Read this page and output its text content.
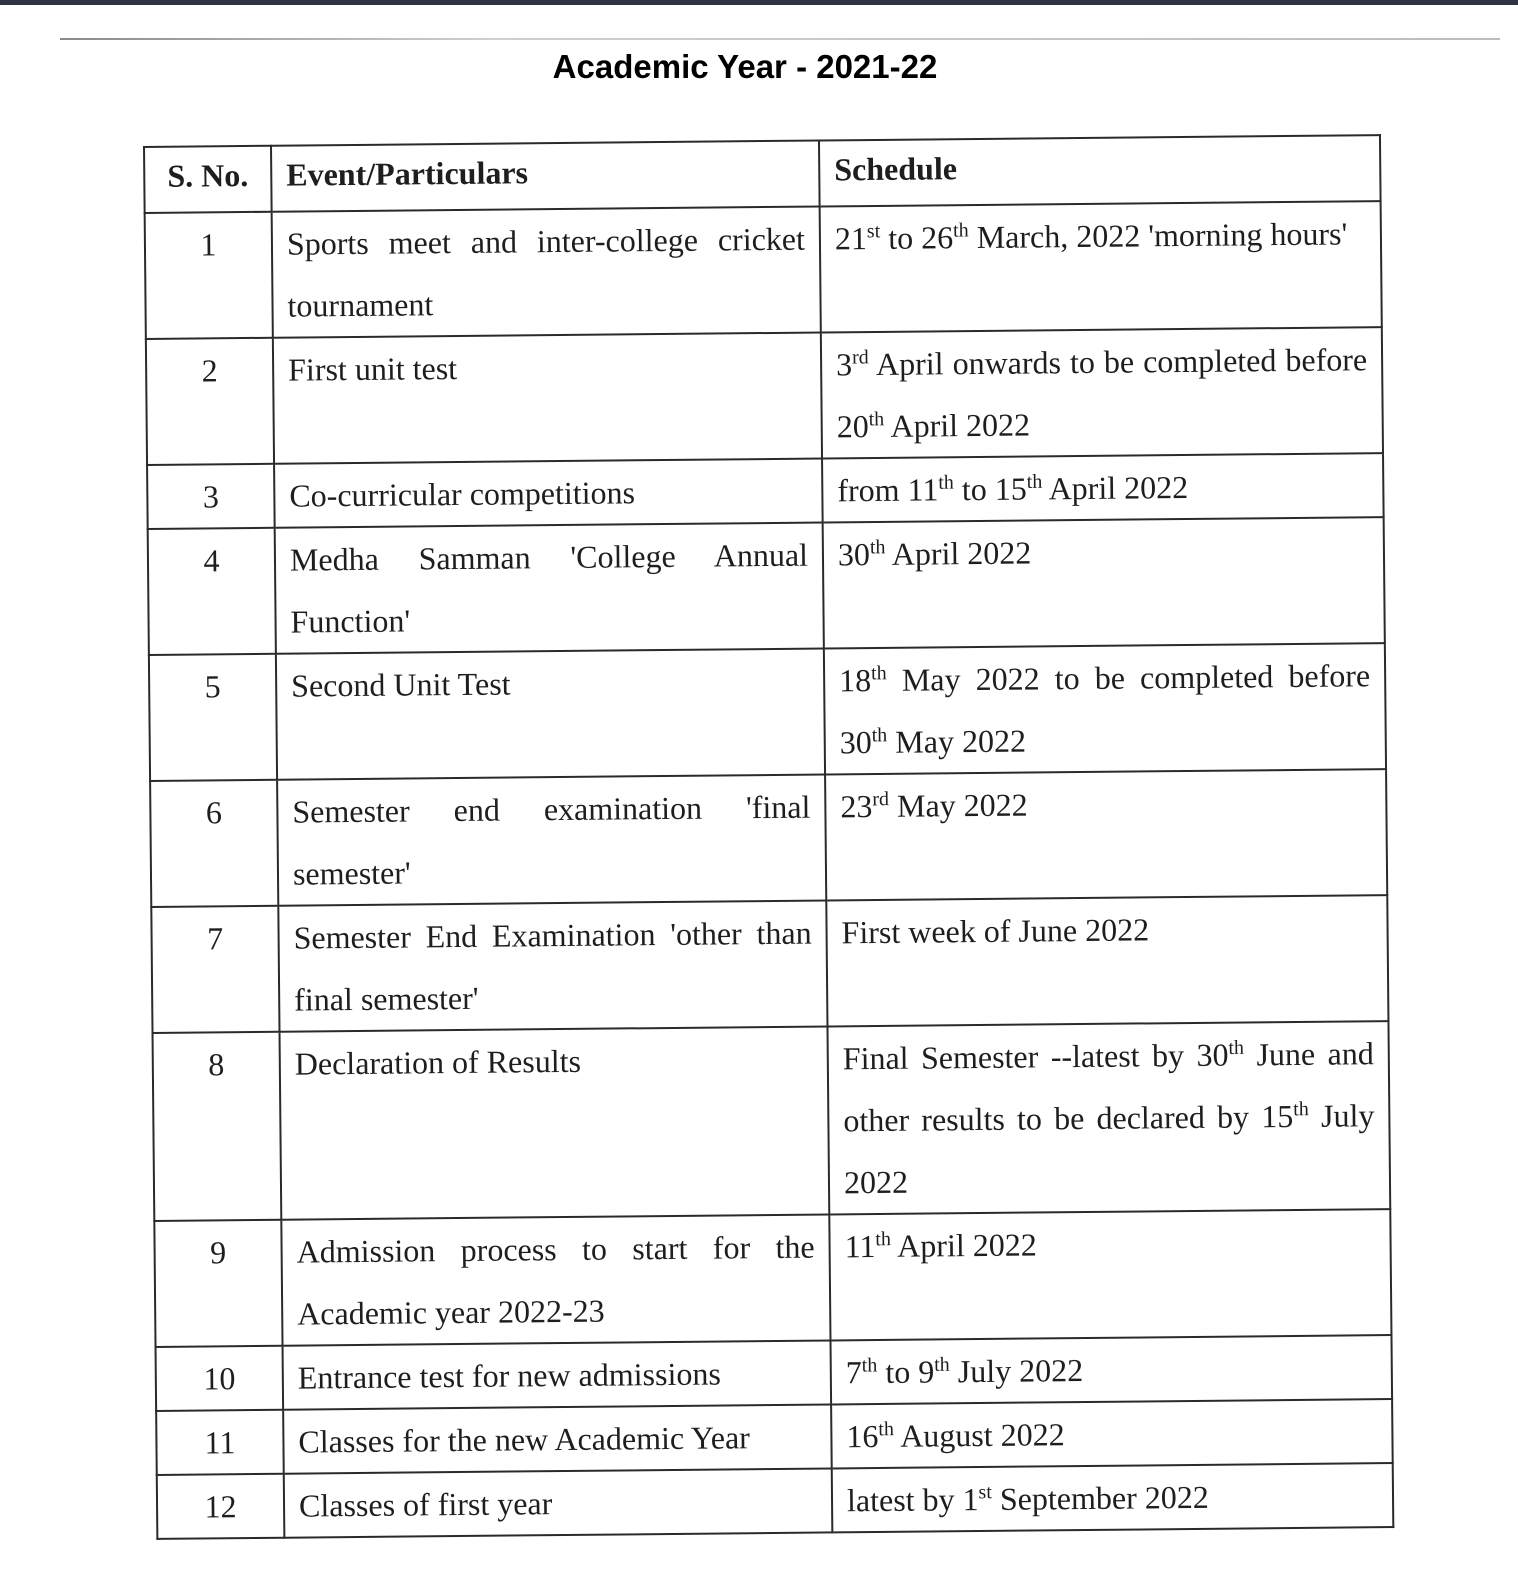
Academic Year - 2021-22
S. No.	Event/Particulars	Schedule
1	Sports meet and inter-college cricket tournament	21st to 26th March, 2022 'morning hours'
2	First unit test	3rd April onwards to be completed before 20th April 2022
3	Co-curricular competitions	from 11th to 15th April 2022
4	Medha Samman 'College Annual Function'	30th April 2022
5	Second Unit Test	18th May 2022 to be completed before 30th May 2022
6	Semester end examination 'final semester'	23rd May 2022
7	Semester End Examination 'other than final semester'	First week of June 2022
8	Declaration of Results	Final Semester --latest by 30th June and other results to be declared by 15th July 2022
9	Admission process to start for the Academic year 2022-23	11th April 2022
10	Entrance test for new admissions	7th to 9th July 2022
11	Classes for the new Academic Year	16th August 2022
12	Classes of first year	latest by 1st September 2022
